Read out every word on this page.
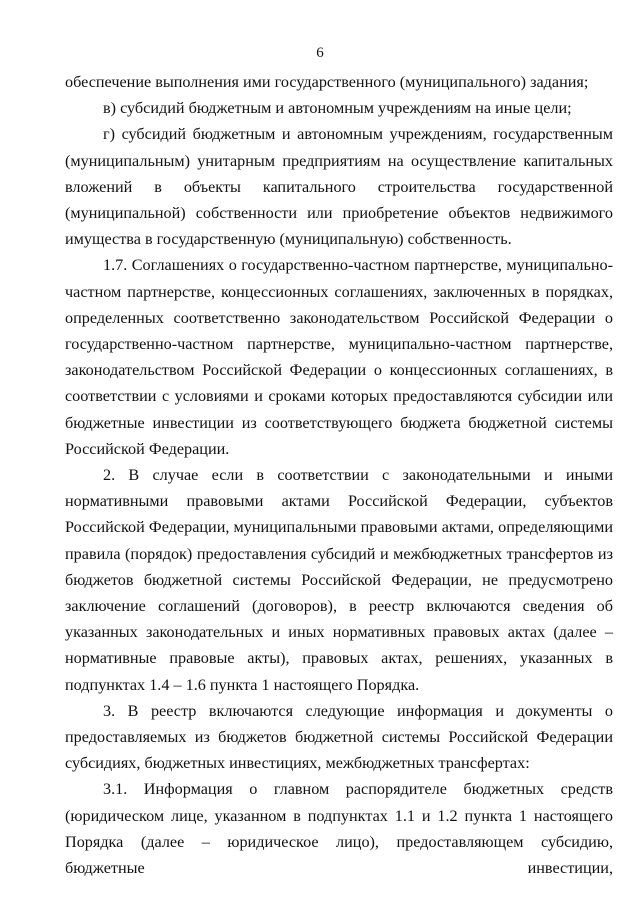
6

обеспечение выполнения ими государственного (муниципального) задания;

в) субсидий бюджетным и автономным учреждениям на иные цели;

г) субсидий бюджетным и автономным учреждениям, государственным (муниципальным) унитарным предприятиям на осуществление капитальных вложений в объекты капитального строительства государственной (муниципальной) собственности или приобретение объектов недвижимого имущества в государственную (муниципальную) собственность.

1.7. Соглашениях о государственно-частном партнерстве, муниципально-частном партнерстве, концессионных соглашениях, заключенных в порядках, определенных соответственно законодательством Российской Федерации о государственно-частном партнерстве, муниципально-частном партнерстве, законодательством Российской Федерации о концессионных соглашениях, в соответствии с условиями и сроками которых предоставляются субсидии или бюджетные инвестиции из соответствующего бюджета бюджетной системы Российской Федерации.

2. В случае если в соответствии с законодательными и иными нормативными правовыми актами Российской Федерации, субъектов Российской Федерации, муниципальными правовыми актами, определяющими правила (порядок) предоставления субсидий и межбюджетных трансфертов из бюджетов бюджетной системы Российской Федерации, не предусмотрено заключение соглашений (договоров), в реестр включаются сведения об указанных законодательных и иных нормативных правовых актах (далее – нормативные правовые акты), правовых актах, решениях, указанных в подпунктах 1.4 – 1.6 пункта 1 настоящего Порядка.

3. В реестр включаются следующие информация и документы о предоставляемых из бюджетов бюджетной системы Российской Федерации субсидиях, бюджетных инвестициях, межбюджетных трансфертах:

3.1. Информация о главном распорядителе бюджетных средств (юридическом лице, указанном в подпунктах 1.1 и 1.2 пункта 1 настоящего Порядка (далее – юридическое лицо), предоставляющем субсидию, бюджетные инвестиции,
